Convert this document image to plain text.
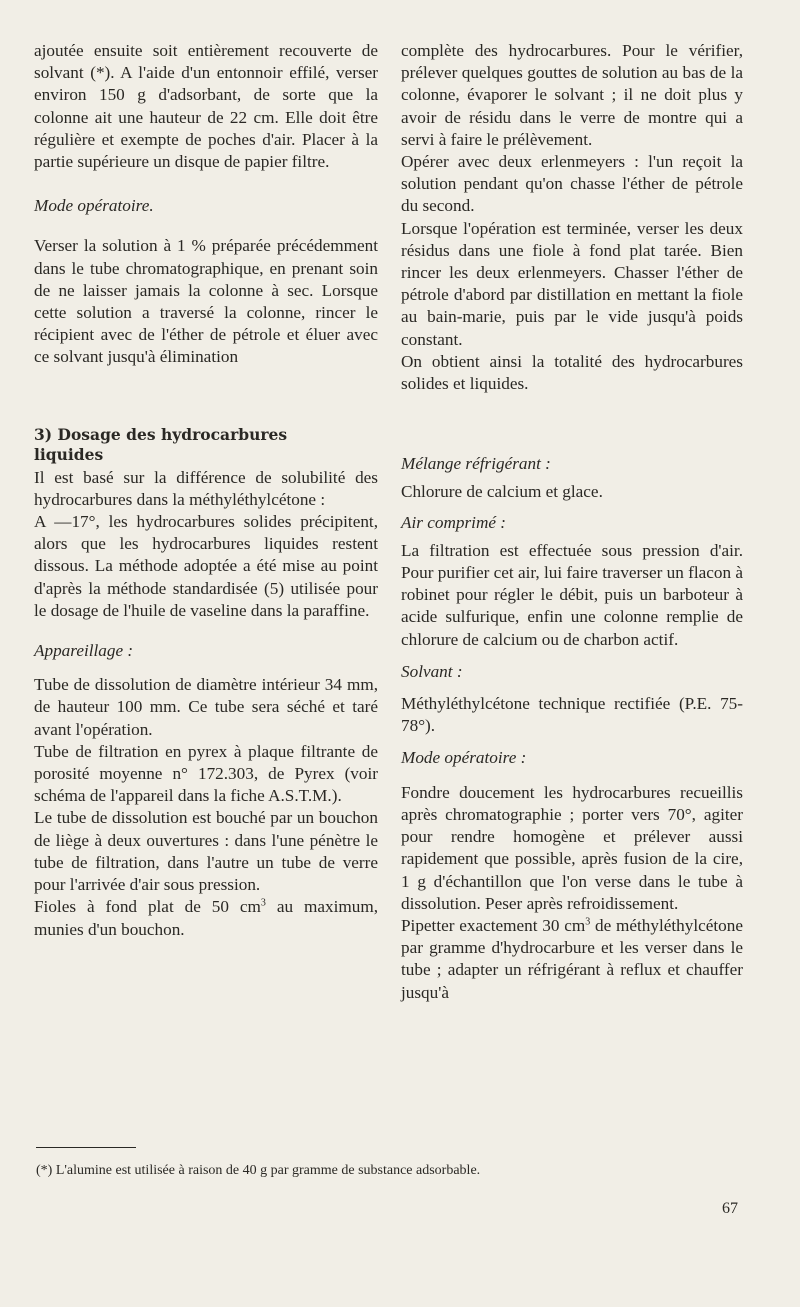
ajoutée ensuite soit entièrement recouverte de solvant (*). A l'aide d'un entonnoir effilé, verser environ 150 g d'adsorbant, de sorte que la colonne ait une hauteur de 22 cm. Elle doit être régulière et exempte de poches d'air. Placer à la partie supérieure un disque de papier filtre.

Mode opératoire.

Verser la solution à 1 % préparée précédemment dans le tube chromatographique, en prenant soin de ne laisser jamais la colonne à sec. Lorsque cette solution a traversé la colonne, rincer le récipient avec de l'éther de pétrole et éluer avec ce solvant jusqu'à élimination

3) Dosage des hydrocarbures

liquides

Il est basé sur la différence de solubilité des hydrocarbures dans la méthyléthylcétone :

A —17°, les hydrocarbures solides précipitent, alors que les hydrocarbures liquides restent dissous. La méthode adoptée a été mise au point d'après la méthode standardisée (5) utilisée pour le dosage de l'huile de vaseline dans la paraffine.

Appareillage :

Tube de dissolution de diamètre intérieur 34 mm, de hauteur 100 mm. Ce tube sera séché et taré avant l'opération.

Tube de filtration en pyrex à plaque filtrante de porosité moyenne n° 172.303, de Pyrex (voir schéma de l'appareil dans la fiche A.S.T.M.).

Le tube de dissolution est bouché par un bouchon de liège à deux ouvertures : dans l'une pénètre le tube de filtration, dans l'autre un tube de verre pour l'arrivée d'air sous pression.

Fioles à fond plat de 50 $cm^3$ au maximum, munies d'un bouchon.

complète des hydrocarbures. Pour le vérifier, prélever quelques gouttes de solution au bas de la colonne, évaporer le solvant ; il ne doit plus y avoir de résidu dans le verre de montre qui a servi à faire le prélèvement.

Opérer avec deux erlenmeyers : l'un reçoit la solution pendant qu'on chasse l'éther de pétrole du second.

Lorsque l'opération est terminée, verser les deux résidus dans une fiole à fond plat tarée. Bien rincer les deux erlenmeyers. Chasser l'éther de pétrole d'abord par distillation en mettant la fiole au bain-marie, puis par le vide jusqu'à poids constant.

On obtient ainsi la totalité des hydrocarbures solides et liquides.

Mélange réfrigérant :

Chlorure de calcium et glace.

Air comprimé :

La filtration est effectuée sous pression d'air. Pour purifier cet air, lui faire traverser un flacon à robinet pour régler le débit, puis un barboteur à acide sulfurique, enfin une colonne remplie de chlorure de calcium ou de charbon actif.

Solvant :

Méthyléthylcétone technique rectifiée (P.E. 75-78°).

Mode opératoire :

Fondre doucement les hydrocarbures recueillis après chromatographie ; porter vers 70°, agiter pour rendre homogène et prélever aussi rapidement que possible, après fusion de la cire, 1 g d'échantillon que l'on verse dans le tube à dissolution. Peser après refroidissement.

Pipetter exactement 30 $cm^3$ de méthyléthylcétone par gramme d'hydrocarbure et les verser dans le tube ; adapter un réfrigérant à reflux et chauffer jusqu'à

(*) L'alumine est utilisée à raison de 40 g par gramme de substance adsorbable.
67
